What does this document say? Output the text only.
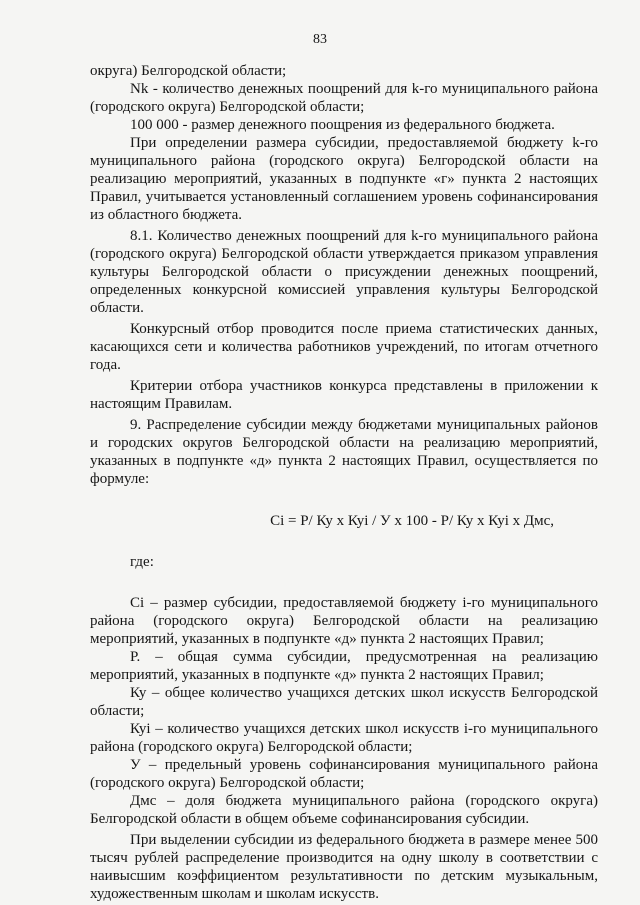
83

округа) Белгородской области;

Nk - количество денежных поощрений для k-го муниципального района (городского округа) Белгородской области;

100 000 - размер денежного поощрения из федерального бюджета.

При определении размера субсидии, предоставляемой бюджету k-го муниципального района (городского округа) Белгородской области на реализацию мероприятий, указанных в подпункте «г» пункта 2 настоящих Правил, учитывается установленный соглашением уровень софинансирования из областного бюджета.

8.1. Количество денежных поощрений для k-го муниципального района (городского округа) Белгородской области утверждается приказом управления культуры Белгородской области о присуждении денежных поощрений, определенных конкурсной комиссией управления культуры Белгородской области.

Конкурсный отбор проводится после приема статистических данных, касающихся сети и количества работников учреждений, по итогам отчетного года.

Критерии отбора участников конкурса представлены в приложении к настоящим Правилам.

9. Распределение субсидии между бюджетами муниципальных районов и городских округов Белгородской области на реализацию мероприятий, указанных в подпункте «д» пункта 2 настоящих Правил, осуществляется по формуле:

Сi = Р/ Ку х Куi / У х 100 - Р/ Ку х Куi х Дмс,
где:

Сi – размер субсидии, предоставляемой бюджету i-го муниципального района (городского округа) Белгородской области на реализацию мероприятий, указанных в подпункте «д» пункта 2 настоящих Правил;

Р. – общая сумма субсидии, предусмотренная на реализацию мероприятий, указанных в подпункте «д» пункта 2 настоящих Правил;

Ку – общее количество учащихся детских школ искусств Белгородской области;

Куi – количество учащихся детских школ искусств i-го муниципального района (городского округа) Белгородской области;

У – предельный уровень софинансирования муниципального района (городского округа) Белгородской области;

Дмс – доля бюджета муниципального района (городского округа) Белгородской области в общем объеме софинансирования субсидии.

При выделении субсидии из федерального бюджета в размере менее 500 тысяч рублей распределение производится на одну школу в соответствии с наивысшим коэффициентом результативности по детским музыкальным, художественным школам и школам искусств.
